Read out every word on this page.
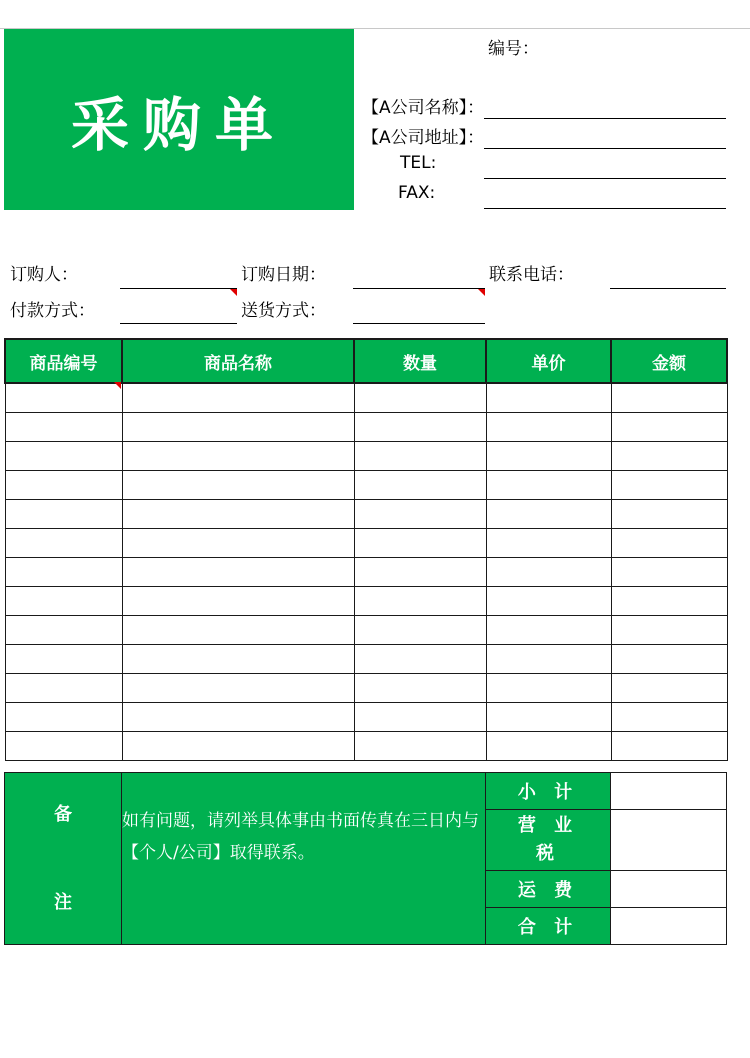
采购单
编号：
【A公司名称】：
【A公司地址】：
TEL:
FAX:
订购人：	订购日期：	联系电话：
付款方式：	送货方式：
商品编号	商品名称	数量	单价	金额

备
注	如有问题，请列举具体事由书面传真在三日内与【个人/公司】取得联系。	小 计	

		营 业
税	

		运 费	
		合 计	
